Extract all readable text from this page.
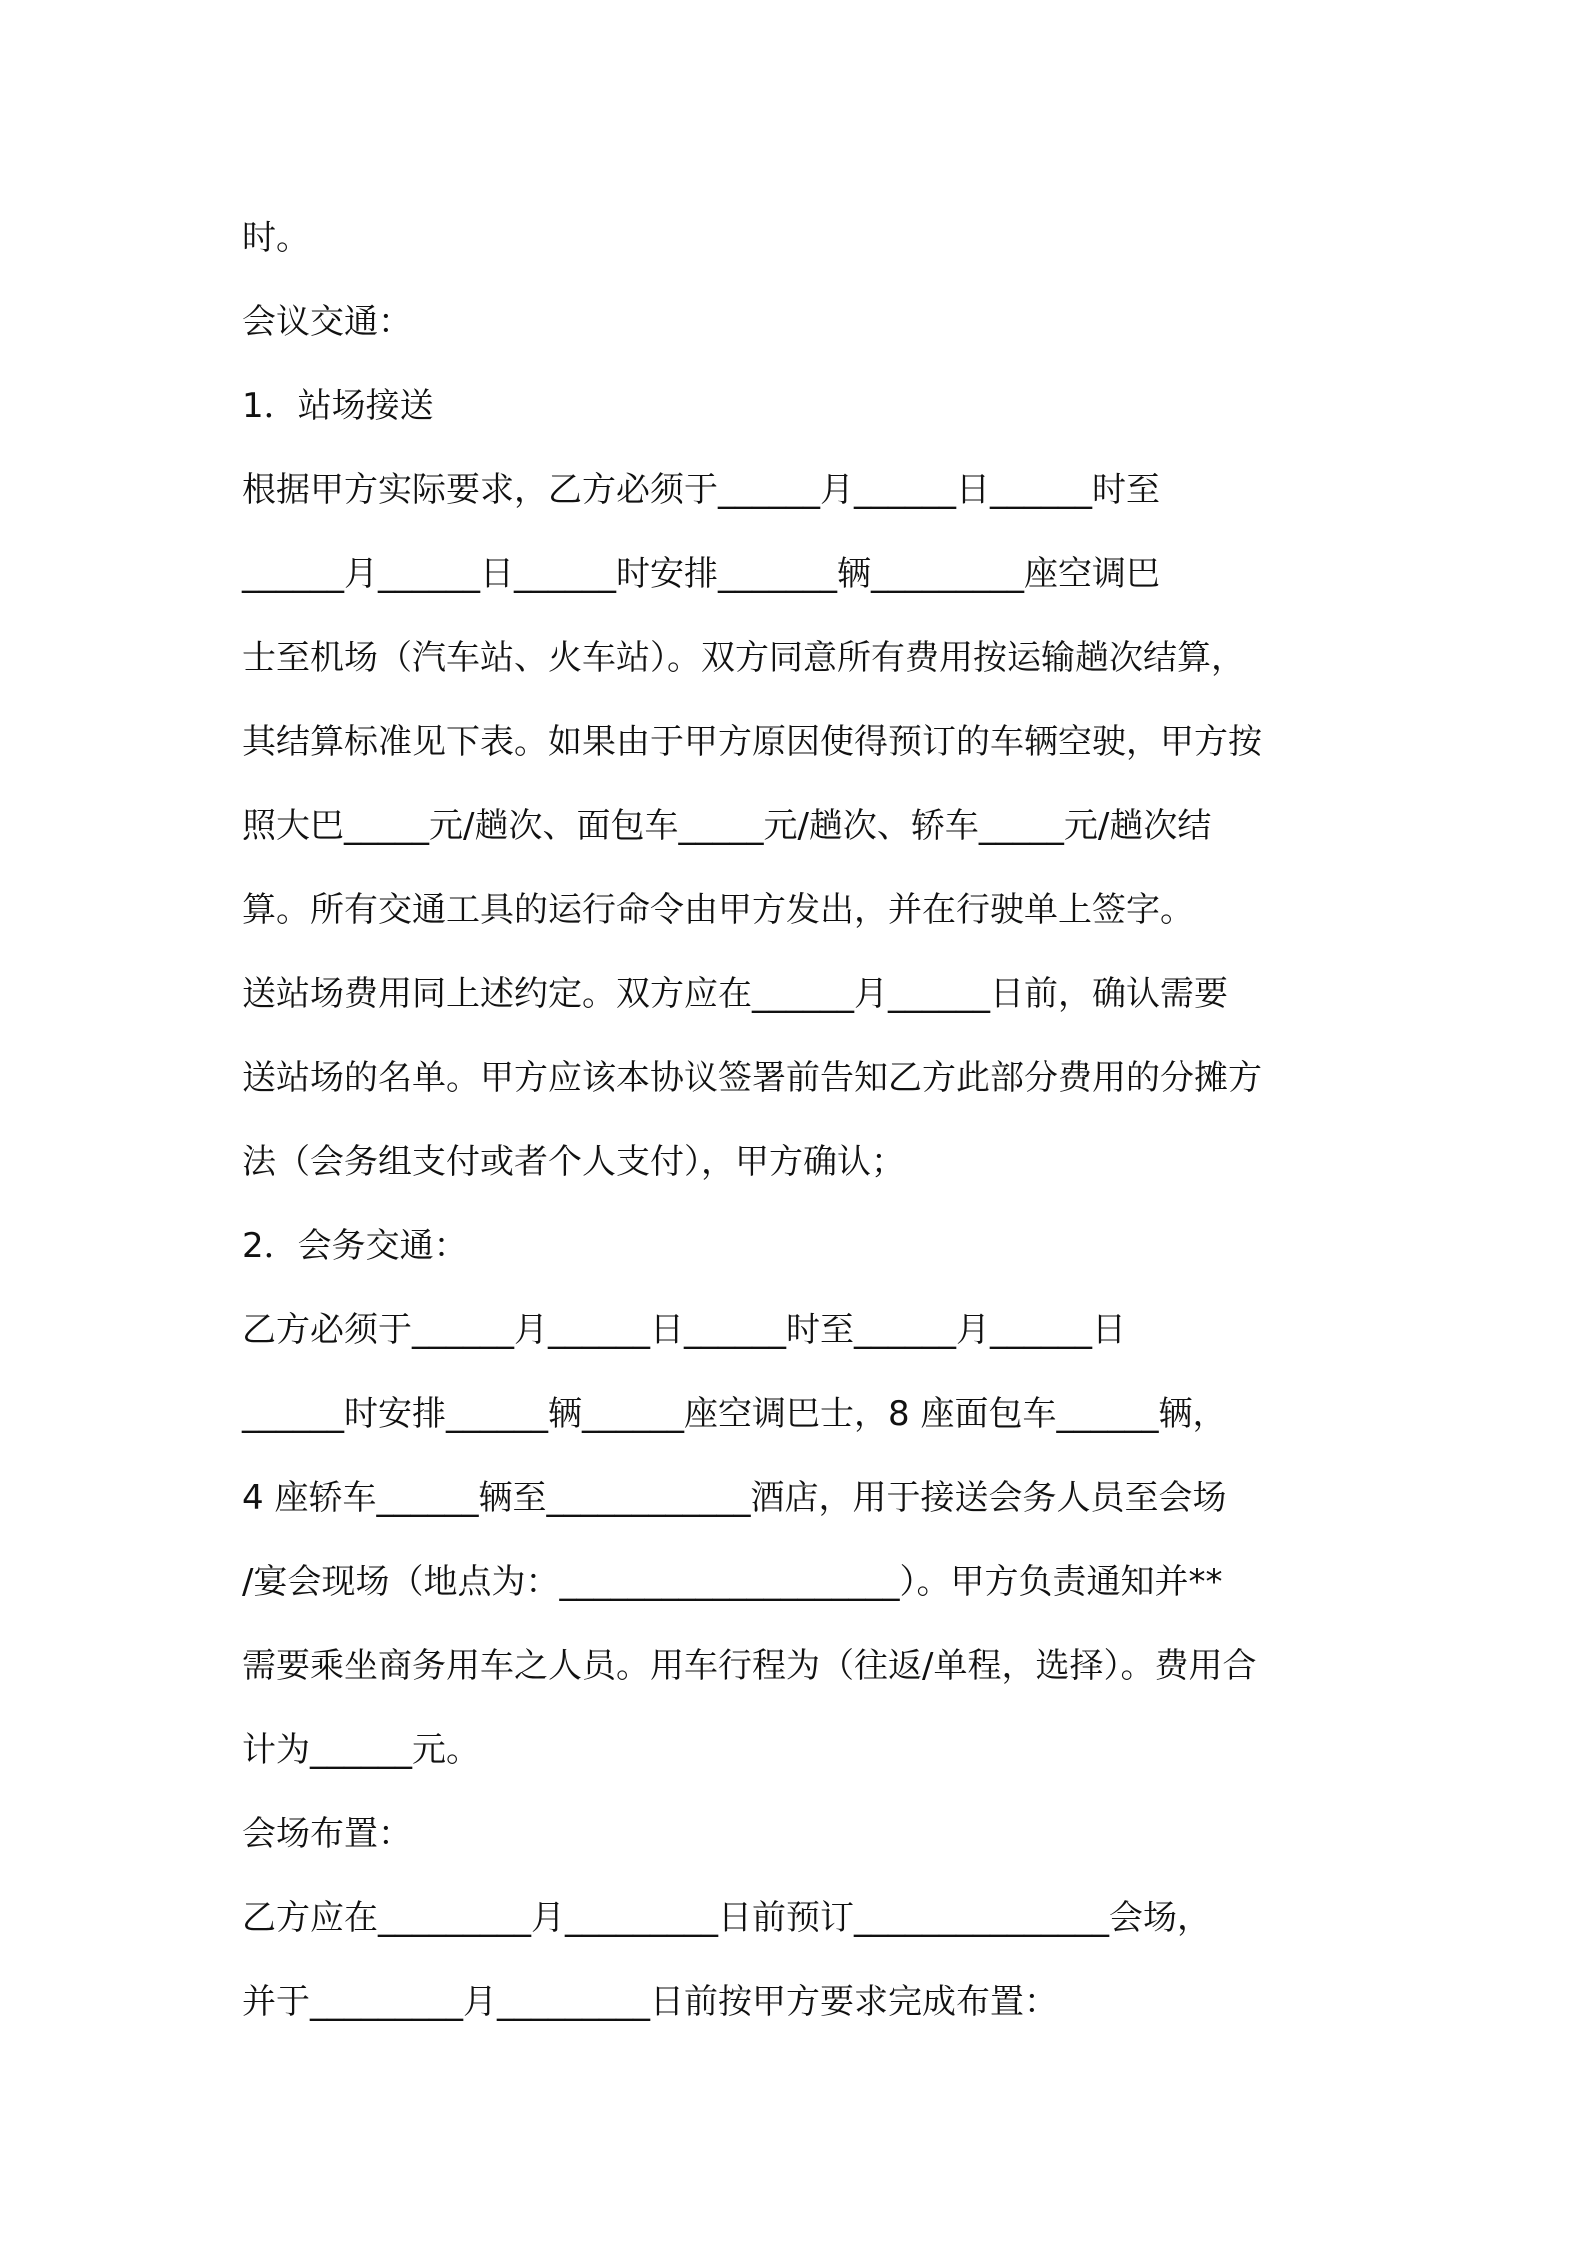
时。
会议交通：
1．站场接送
根据甲方实际要求，乙方必须于______月______日______时至
______月______日______时安排_______辆_________座空调巴
士至机场（汽车站、火车站）。双方同意所有费用按运输趟次结算，
其结算标准见下表。如果由于甲方原因使得预订的车辆空驶，甲方按
照大巴_____元/趟次、面包车_____元/趟次、轿车_____元/趟次结
算。所有交通工具的运行命令由甲方发出，并在行驶单上签字。
送站场费用同上述约定。双方应在______月______日前，确认需要
送站场的名单。甲方应该本协议签署前告知乙方此部分费用的分摊方
法（会务组支付或者个人支付），甲方确认；
2．会务交通：
乙方必须于______月______日______时至______月______日
______时安排______辆______座空调巴士，8 座面包车______辆，
4 座轿车______辆至____________酒店，用于接送会务人员至会场
/宴会现场（地点为：____________________）。甲方负责通知并**
需要乘坐商务用车之人员。用车行程为（往返/单程，选择）。费用合
计为______元。
会场布置：
乙方应在_________月_________日前预订_______________会场，
并于_________月_________日前按甲方要求完成布置：
